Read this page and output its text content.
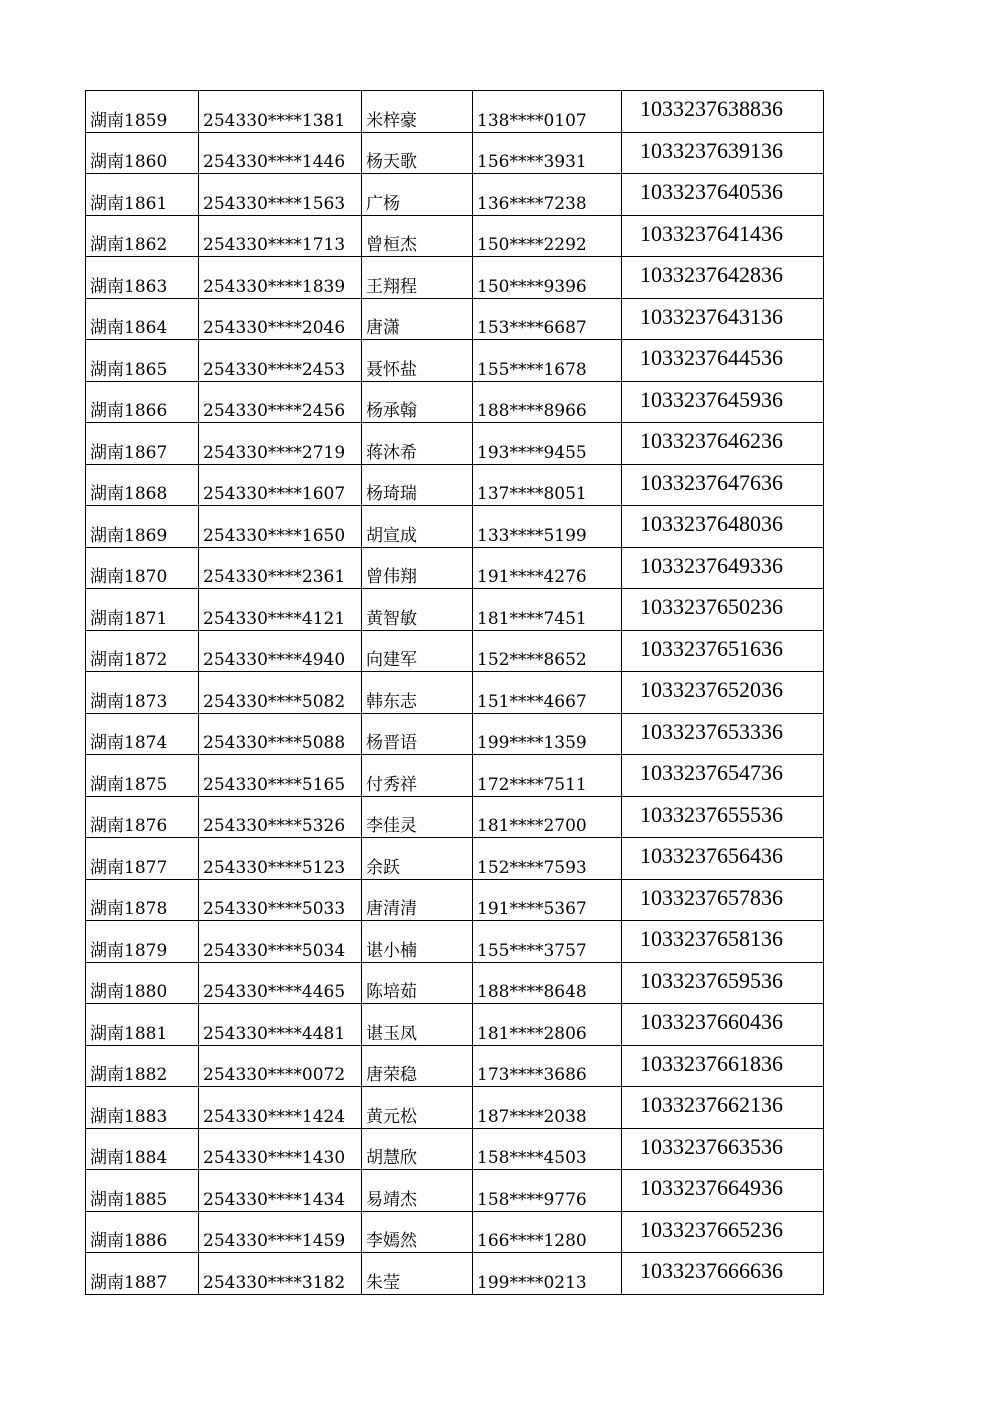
湖南1859	254330****1381	米梓豪	138****0107	1033237638836

湖南1860	254330****1446	杨天歌	156****3931	1033237639136

湖南1861	254330****1563	广杨	136****7238	1033237640536

湖南1862	254330****1713	曾桓杰	150****2292	1033237641436

湖南1863	254330****1839	王翔程	150****9396	1033237642836

湖南1864	254330****2046	唐潇	153****6687	1033237643136

湖南1865	254330****2453	聂怀盐	155****1678	1033237644536

湖南1866	254330****2456	杨承翰	188****8966	1033237645936

湖南1867	254330****2719	蒋沐希	193****9455	1033237646236

湖南1868	254330****1607	杨琦瑞	137****8051	1033237647636

湖南1869	254330****1650	胡宣成	133****5199	1033237648036

湖南1870	254330****2361	曾伟翔	191****4276	1033237649336

湖南1871	254330****4121	黄智敏	181****7451	1033237650236

湖南1872	254330****4940	向建军	152****8652	1033237651636

湖南1873	254330****5082	韩东志	151****4667	1033237652036

湖南1874	254330****5088	杨晋语	199****1359	1033237653336

湖南1875	254330****5165	付秀祥	172****7511	1033237654736

湖南1876	254330****5326	李佳灵	181****2700	1033237655536

湖南1877	254330****5123	余跃	152****7593	1033237656436

湖南1878	254330****5033	唐清清	191****5367	1033237657836

湖南1879	254330****5034	谌小楠	155****3757	1033237658136

湖南1880	254330****4465	陈培茹	188****8648	1033237659536

湖南1881	254330****4481	谌玉凤	181****2806	1033237660436

湖南1882	254330****0072	唐荣稳	173****3686	1033237661836

湖南1883	254330****1424	黄元松	187****2038	1033237662136

湖南1884	254330****1430	胡慧欣	158****4503	1033237663536

湖南1885	254330****1434	易靖杰	158****9776	1033237664936

湖南1886	254330****1459	李嫣然	166****1280	1033237665236

湖南1887	254330****3182	朱莹	199****0213	1033237666636
